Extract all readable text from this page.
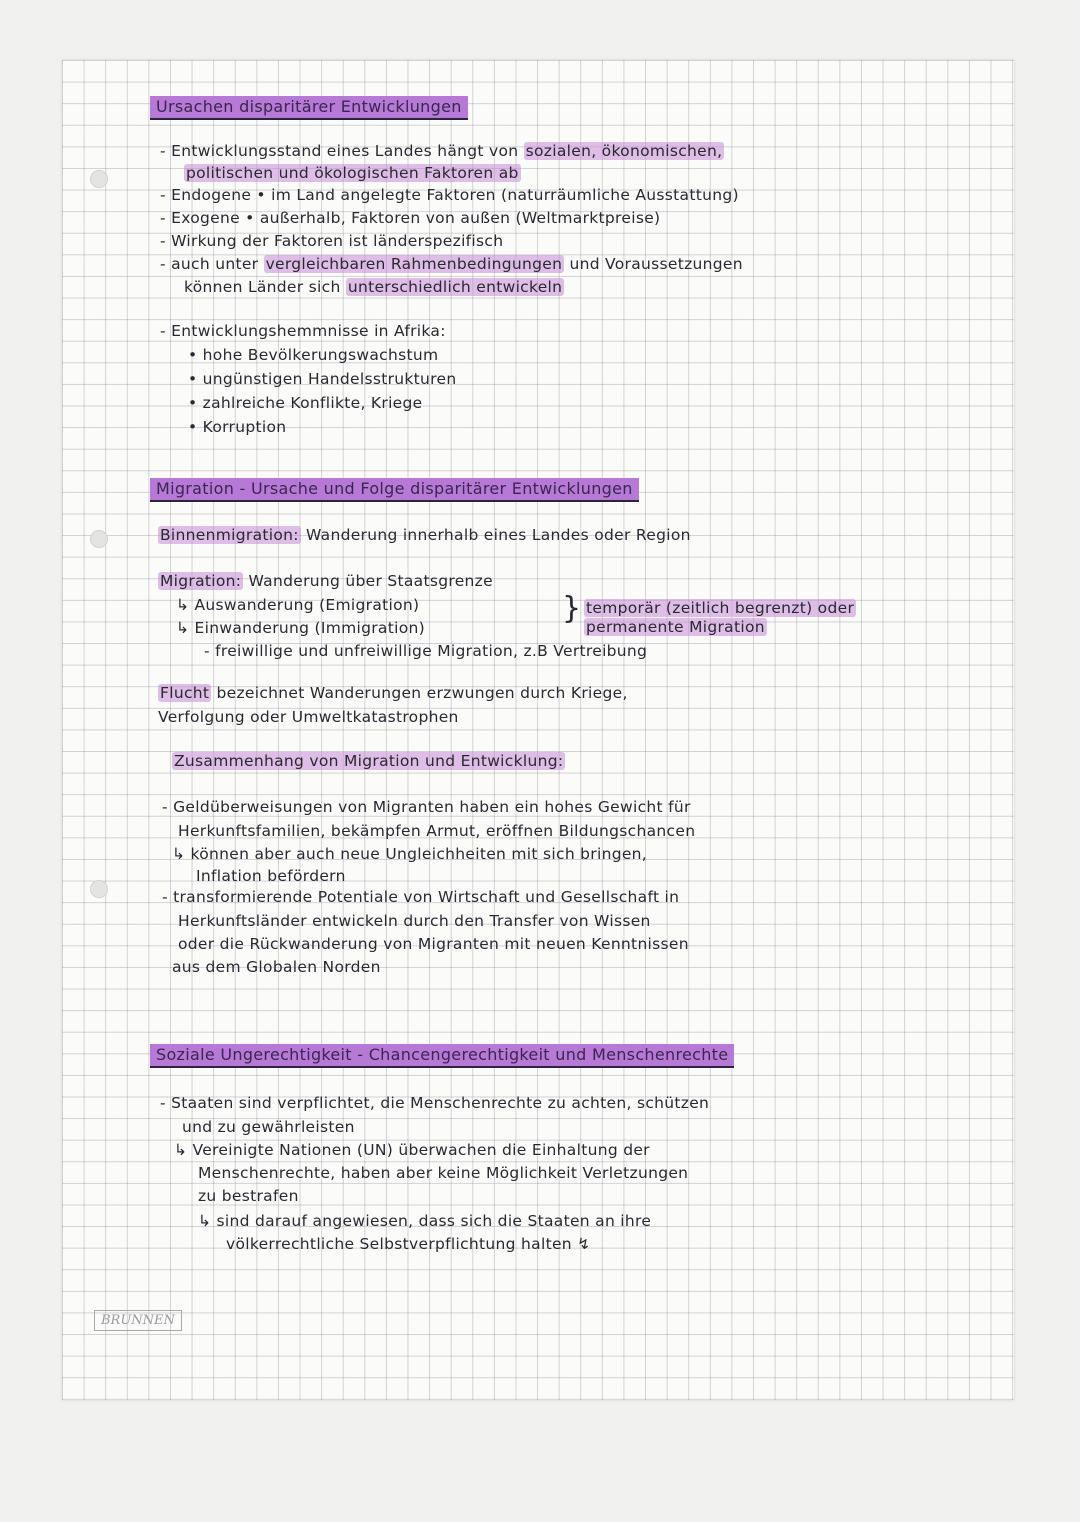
Ursachen disparitärer Entwicklungen
- Entwicklungsstand eines Landes hängt von sozialen, ökonomischen,
politischen und ökologischen Faktoren ab
- Endogene • im Land angelegte Faktoren (naturräumliche Ausstattung)
- Exogene • außerhalb, Faktoren von außen (Weltmarktpreise)
- Wirkung der Faktoren ist länderspezifisch
- auch unter vergleichbaren Rahmenbedingungen und Voraussetzungen
können Länder sich unterschiedlich entwickeln
- Entwicklungshemmnisse in Afrika:
• hohe Bevölkerungswachstum
• ungünstigen Handelsstrukturen
• zahlreiche Konflikte, Kriege
• Korruption
Migration - Ursache und Folge disparitärer Entwicklungen
Binnenmigration: Wanderung innerhalb eines Landes oder Region
Migration: Wanderung über Staatsgrenze
↳ Auswanderung (Emigration)
↳ Einwanderung (Immigration)
} temporär (zeitlich begrenzt) oder
permanente Migration
- freiwillige und unfreiwillige Migration, z.B Vertreibung
Flucht bezeichnet Wanderungen erzwungen durch Kriege,
Verfolgung oder Umweltkatastrophen
Zusammenhang von Migration und Entwicklung:
- Geldüberweisungen von Migranten haben ein hohes Gewicht für
Herkunftsfamilien, bekämpfen Armut, eröffnen Bildungschancen
↳ können aber auch neue Ungleichheiten mit sich bringen,
Inflation befördern
- transformierende Potentiale von Wirtschaft und Gesellschaft in
Herkunftsländer entwickeln durch den Transfer von Wissen
oder die Rückwanderung von Migranten mit neuen Kenntnissen
aus dem Globalen Norden
Soziale Ungerechtigkeit - Chancengerechtigkeit und Menschenrechte
- Staaten sind verpflichtet, die Menschenrechte zu achten, schützen
und zu gewährleisten
↳ Vereinigte Nationen (UN) überwachen die Einhaltung der
Menschenrechte, haben aber keine Möglichkeit Verletzungen
zu bestrafen
↳ sind darauf angewiesen, dass sich die Staaten an ihre
völkerrechtliche Selbstverpflichtung halten ↯
BRUNNEN
